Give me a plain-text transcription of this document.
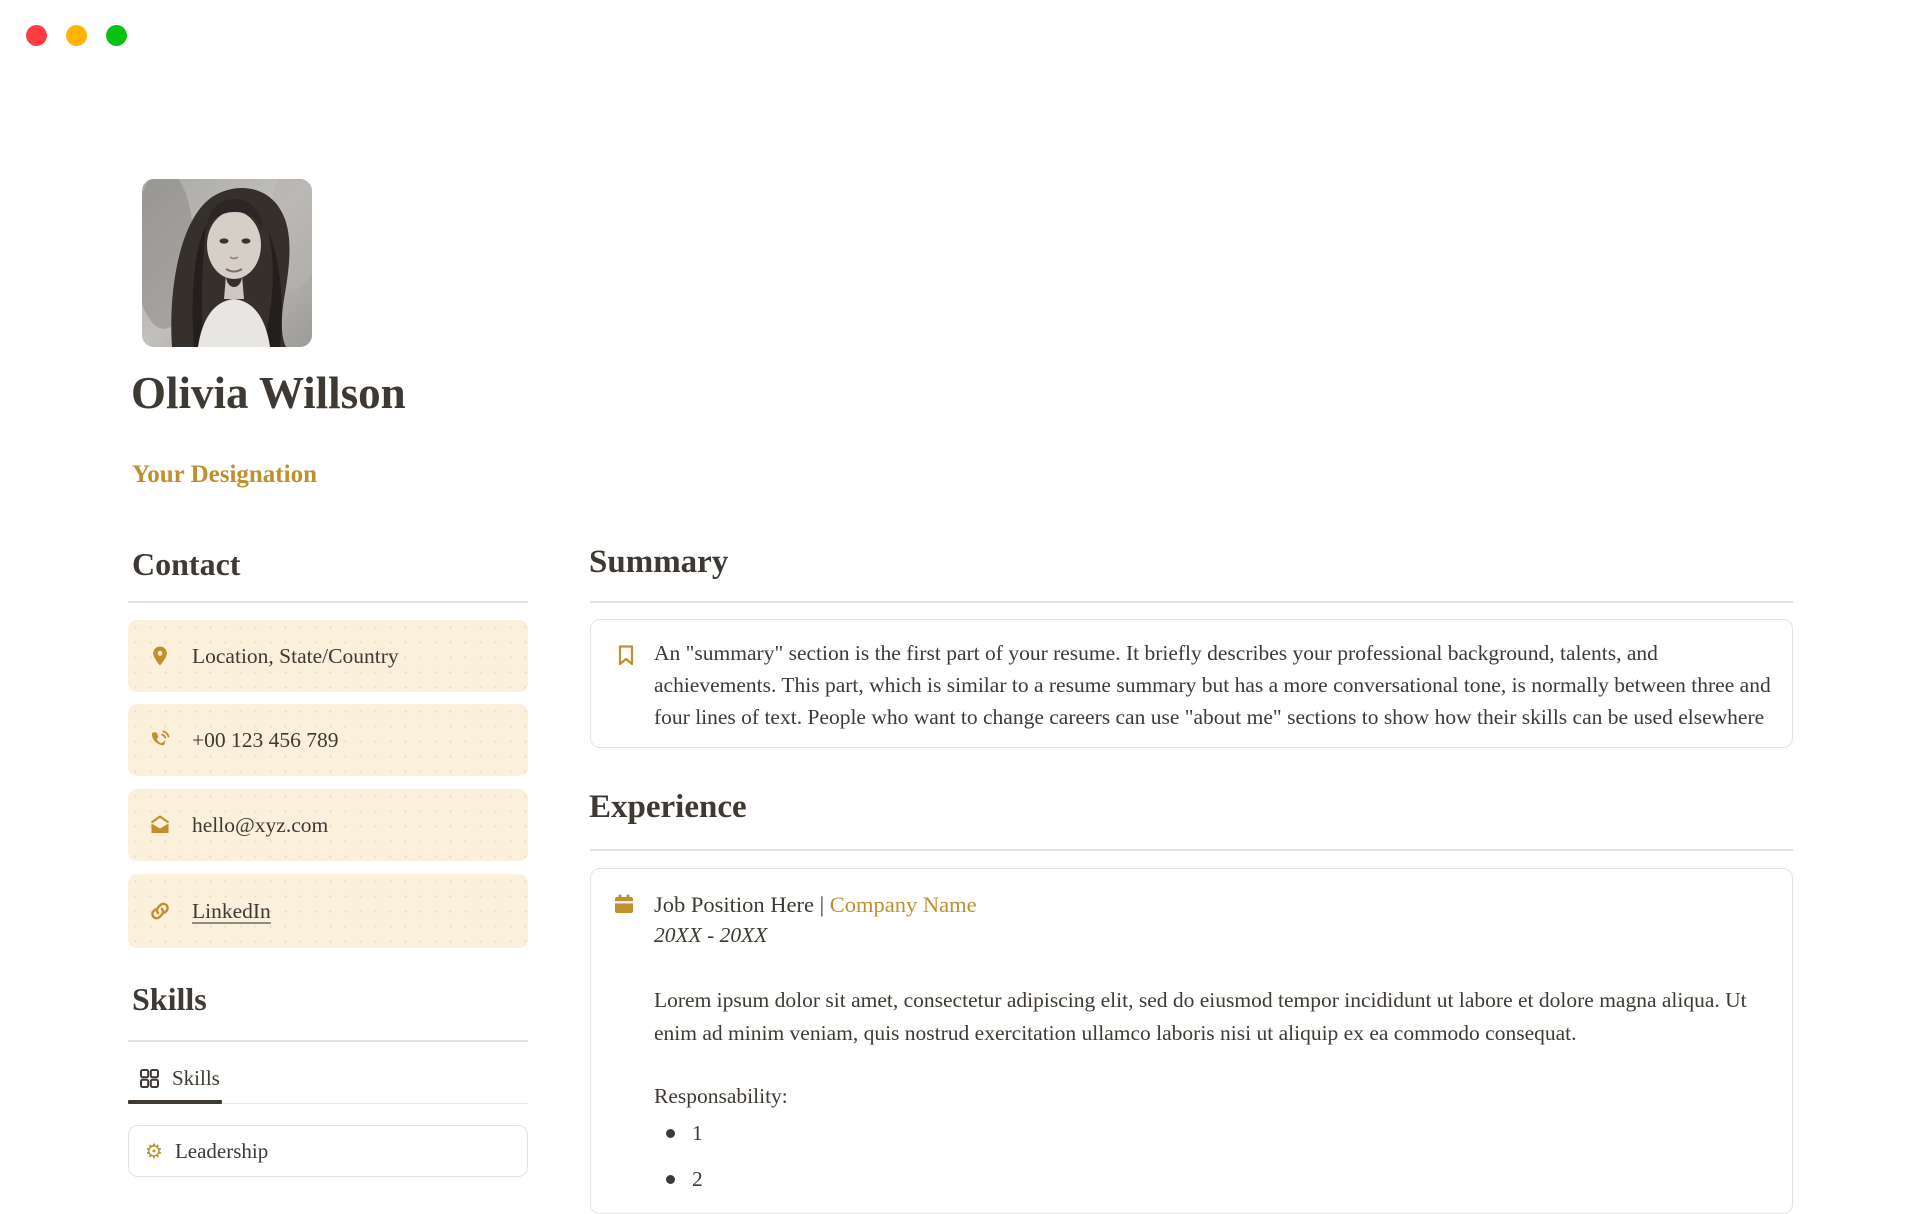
Olivia Willson
Your Designation
Contact
Location, State/Country
+00 123 456 789
hello@xyz.com
LinkedIn
Skills
Skills
⚙ Leadership
Summary
An "summary" section is the first part of your resume. It briefly describes your professional background, talents, and achievements. This part, which is similar to a resume summary but has a more conversational tone, is normally between three and four lines of text. People who want to change careers can use "about me" sections to show how their skills can be used elsewhere
Experience
Job Position Here | Company Name
20XX - 20XX
Lorem ipsum dolor sit amet, consectetur adipiscing elit, sed do eiusmod tempor incididunt ut labore et dolore magna aliqua. Ut enim ad minim veniam, quis nostrud exercitation ullamco laboris nisi ut aliquip ex ea commodo consequat.
Responsability:
1
2
